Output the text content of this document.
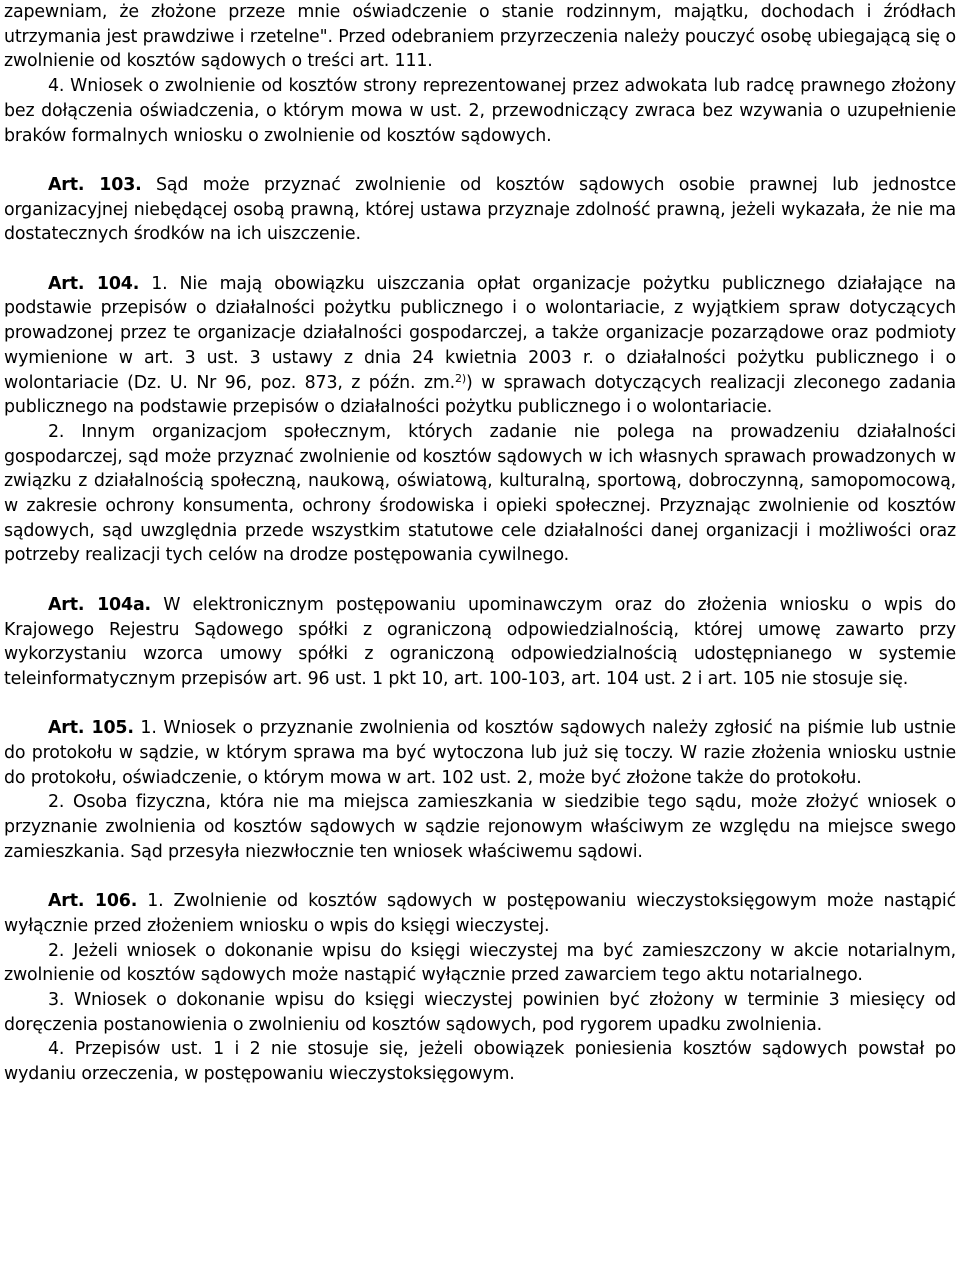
zapewniam, że złożone przeze mnie oświadczenie o stanie rodzinnym, majątku, dochodach i źródłach utrzymania jest prawdziwe i rzetelne". Przed odebraniem przyrzeczenia należy pouczyć osobę ubiegającą się o zwolnienie od kosztów sądowych o treści art. 111.

4. Wniosek o zwolnienie od kosztów strony reprezentowanej przez adwokata lub radcę prawnego złożony bez dołączenia oświadczenia, o którym mowa w ust. 2, przewodniczący zwraca bez wzywania o uzupełnienie braków formalnych wniosku o zwolnienie od kosztów sądowych.

Art. 103. Sąd może przyznać zwolnienie od kosztów sądowych osobie prawnej lub jednostce organizacyjnej niebędącej osobą prawną, której ustawa przyznaje zdolność prawną, jeżeli wykazała, że nie ma dostatecznych środków na ich uiszczenie.

Art. 104. 1. Nie mają obowiązku uiszczania opłat organizacje pożytku publicznego działające na podstawie przepisów o działalności pożytku publicznego i o wolontariacie, z wyjątkiem spraw dotyczących prowadzonej przez te organizacje działalności gospodarczej, a także organizacje pozarządowe oraz podmioty wymienione w art. 3 ust. 3 ustawy z dnia 24 kwietnia 2003 r. o działalności pożytku publicznego i o wolontariacie (Dz. U. Nr 96, poz. 873, z późn. zm.$^{2)}$) w sprawach dotyczących realizacji zleconego zadania publicznego na podstawie przepisów o działalności pożytku publicznego i o wolontariacie.

2. Innym organizacjom społecznym, których zadanie nie polega na prowadzeniu działalności gospodarczej, sąd może przyznać zwolnienie od kosztów sądowych w ich własnych sprawach prowadzonych w związku z działalnością społeczną, naukową, oświatową, kulturalną, sportową, dobroczynną, samopomocową, w zakresie ochrony konsumenta, ochrony środowiska i opieki społecznej. Przyznając zwolnienie od kosztów sądowych, sąd uwzględnia przede wszystkim statutowe cele działalności danej organizacji i możliwości oraz potrzeby realizacji tych celów na drodze postępowania cywilnego.

Art. 104a. W elektronicznym postępowaniu upominawczym oraz do złożenia wniosku o wpis do Krajowego Rejestru Sądowego spółki z ograniczoną odpowiedzialnością, której umowę zawarto przy wykorzystaniu wzorca umowy spółki z ograniczoną odpowiedzialnością udostępnianego w systemie teleinformatycznym przepisów art. 96 ust. 1 pkt 10, art. 100-103, art. 104 ust. 2 i art. 105 nie stosuje się.

Art. 105. 1. Wniosek o przyznanie zwolnienia od kosztów sądowych należy zgłosić na piśmie lub ustnie do protokołu w sądzie, w którym sprawa ma być wytoczona lub już się toczy. W razie złożenia wniosku ustnie do protokołu, oświadczenie, o którym mowa w art. 102 ust. 2, może być złożone także do protokołu.

2. Osoba fizyczna, która nie ma miejsca zamieszkania w siedzibie tego sądu, może złożyć wniosek o przyznanie zwolnienia od kosztów sądowych w sądzie rejonowym właściwym ze względu na miejsce swego zamieszkania. Sąd przesyła niezwłocznie ten wniosek właściwemu sądowi.

Art. 106. 1. Zwolnienie od kosztów sądowych w postępowaniu wieczystoksięgowym może nastąpić wyłącznie przed złożeniem wniosku o wpis do księgi wieczystej.

2. Jeżeli wniosek o dokonanie wpisu do księgi wieczystej ma być zamieszczony w akcie notarialnym, zwolnienie od kosztów sądowych może nastąpić wyłącznie przed zawarciem tego aktu notarialnego.

3. Wniosek o dokonanie wpisu do księgi wieczystej powinien być złożony w terminie 3 miesięcy od doręczenia postanowienia o zwolnieniu od kosztów sądowych, pod rygorem upadku zwolnienia.

4. Przepisów ust. 1 i 2 nie stosuje się, jeżeli obowiązek poniesienia kosztów sądowych powstał po wydaniu orzeczenia, w postępowaniu wieczystoksięgowym.
